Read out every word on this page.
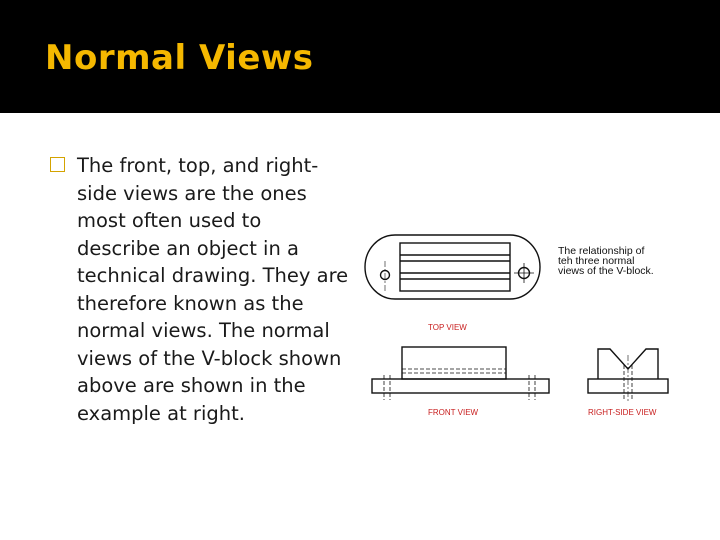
Normal Views
The front, top, and right-side views are the ones most often used to describe an object in a technical drawing. They are therefore known as the normal views. The normal views of the V-block shown above are shown in the example at right.
TOP VIEW
FRONT VIEW	RIGHT-SIDE VIEW
The relationship of
teh three normal
views of the V-block.
